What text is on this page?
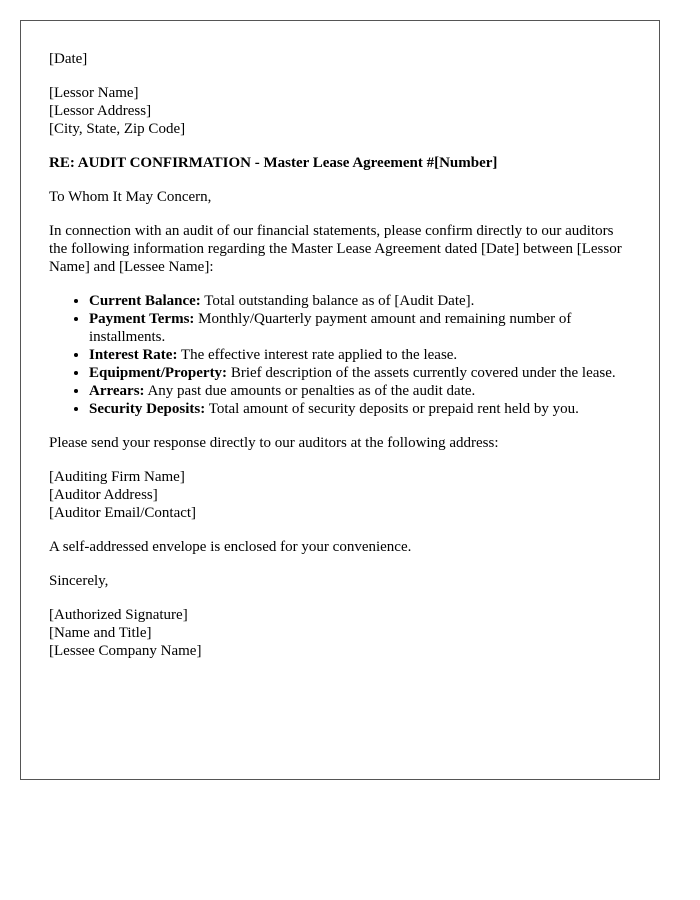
[Date]
[Lessor Name]
[Lessor Address]
[City, State, Zip Code]
RE: AUDIT CONFIRMATION - Master Lease Agreement #[Number]
To Whom It May Concern,
In connection with an audit of our financial statements, please confirm directly to our auditors the following information regarding the Master Lease Agreement dated [Date] between [Lessor Name] and [Lessee Name]:
• Current Balance: Total outstanding balance as of [Audit Date].
• Payment Terms: Monthly/Quarterly payment amount and remaining number of installments.
• Interest Rate: The effective interest rate applied to the lease.
• Equipment/Property: Brief description of the assets currently covered under the lease.
• Arrears: Any past due amounts or penalties as of the audit date.
• Security Deposits: Total amount of security deposits or prepaid rent held by you.
Please send your response directly to our auditors at the following address:
[Auditing Firm Name]
[Auditor Address]
[Auditor Email/Contact]
A self-addressed envelope is enclosed for your convenience.
Sincerely,
[Authorized Signature]
[Name and Title]
[Lessee Company Name]
